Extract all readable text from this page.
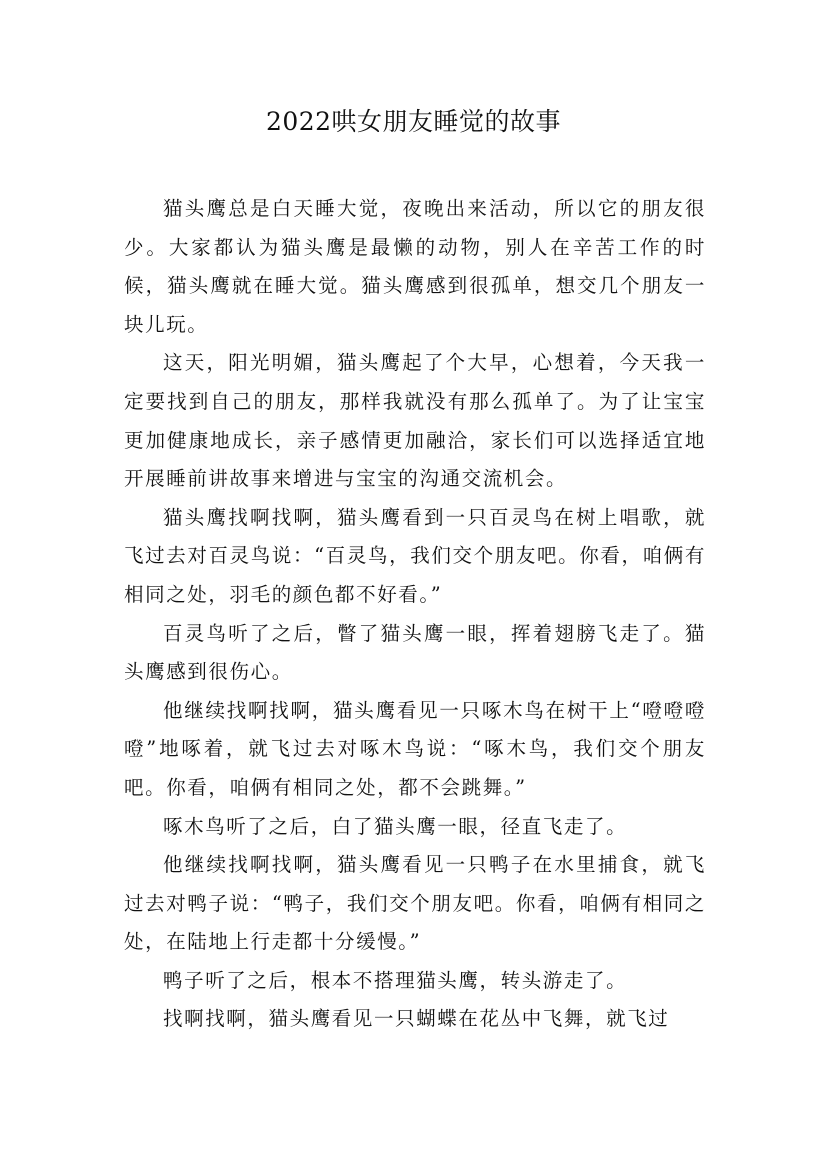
2022哄女朋友睡觉的故事

猫头鹰总是白天睡大觉，夜晚出来活动，所以它的朋友很少。大家都认为猫头鹰是最懒的动物，别人在辛苦工作的时候，猫头鹰就在睡大觉。猫头鹰感到很孤单，想交几个朋友一块儿玩。

这天，阳光明媚，猫头鹰起了个大早，心想着，今天我一定要找到自己的朋友，那样我就没有那么孤单了。为了让宝宝更加健康地成长，亲子感情更加融洽，家长们可以选择适宜地开展睡前讲故事来增进与宝宝的沟通交流机会。

猫头鹰找啊找啊，猫头鹰看到一只百灵鸟在树上唱歌，就飞过去对百灵鸟说：“百灵鸟，我们交个朋友吧。你看，咱俩有相同之处，羽毛的颜色都不好看。”

百灵鸟听了之后，瞥了猫头鹰一眼，挥着翅膀飞走了。猫头鹰感到很伤心。

他继续找啊找啊，猫头鹰看见一只啄木鸟在树干上“噔噔噔噔”地啄着，就飞过去对啄木鸟说：“啄木鸟，我们交个朋友吧。你看，咱俩有相同之处，都不会跳舞。”

啄木鸟听了之后，白了猫头鹰一眼，径直飞走了。

他继续找啊找啊，猫头鹰看见一只鸭子在水里捕食，就飞过去对鸭子说：“鸭子，我们交个朋友吧。你看，咱俩有相同之处，在陆地上行走都十分缓慢。”

鸭子听了之后，根本不搭理猫头鹰，转头游走了。

找啊找啊，猫头鹰看见一只蝴蝶在花丛中飞舞，就飞过
